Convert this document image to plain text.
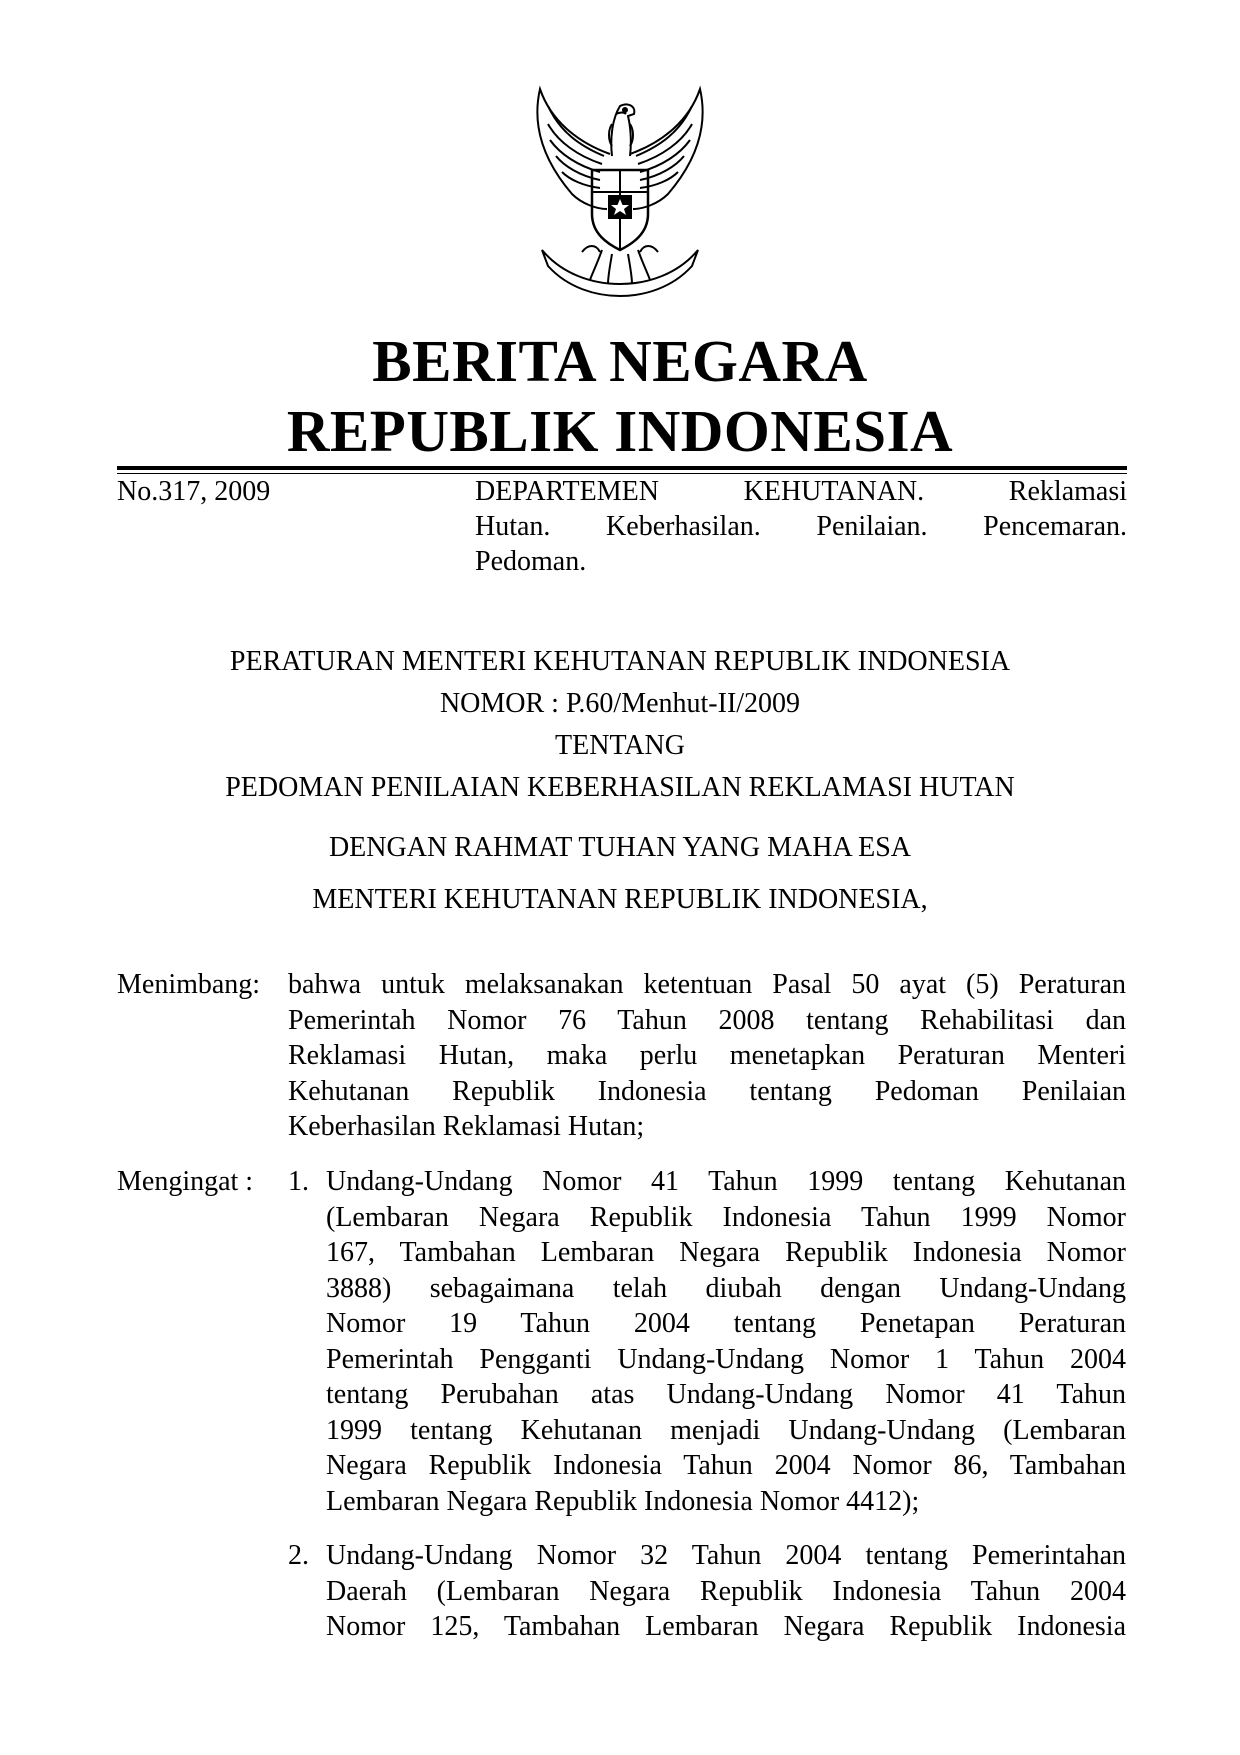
BERITA NEGARA
REPUBLIK INDONESIA
No.317, 2009	DEPARTEMEN KEHUTANAN. Reklamasi
Hutan. Keberhasilan. Penilaian. Pencemaran.
Pedoman.
PERATURAN MENTERI KEHUTANAN REPUBLIK INDONESIA
NOMOR : P.60/Menhut-II/2009
TENTANG
PEDOMAN PENILAIAN KEBERHASILAN REKLAMASI HUTAN
DENGAN RAHMAT TUHAN YANG MAHA ESA
MENTERI KEHUTANAN REPUBLIK INDONESIA,
Menimbang: bahwa untuk melaksanakan ketentuan Pasal 50 ayat (5) Peraturan
Pemerintah Nomor 76 Tahun 2008 tentang Rehabilitasi dan
Reklamasi Hutan, maka perlu menetapkan Peraturan Menteri
Kehutanan Republik Indonesia tentang Pedoman Penilaian
Keberhasilan Reklamasi Hutan;
Mengingat : 1. Undang-Undang Nomor 41 Tahun 1999 tentang Kehutanan
(Lembaran Negara Republik Indonesia Tahun 1999 Nomor
167, Tambahan Lembaran Negara Republik Indonesia Nomor
3888) sebagaimana telah diubah dengan Undang-Undang
Nomor 19 Tahun 2004 tentang Penetapan Peraturan
Pemerintah Pengganti Undang-Undang Nomor 1 Tahun 2004
tentang Perubahan atas Undang-Undang Nomor 41 Tahun
1999 tentang Kehutanan menjadi Undang-Undang (Lembaran
Negara Republik Indonesia Tahun 2004 Nomor 86, Tambahan
Lembaran Negara Republik Indonesia Nomor 4412);
2. Undang-Undang Nomor 32 Tahun 2004 tentang Pemerintahan
Daerah (Lembaran Negara Republik Indonesia Tahun 2004
Nomor 125, Tambahan Lembaran Negara Republik Indonesia
